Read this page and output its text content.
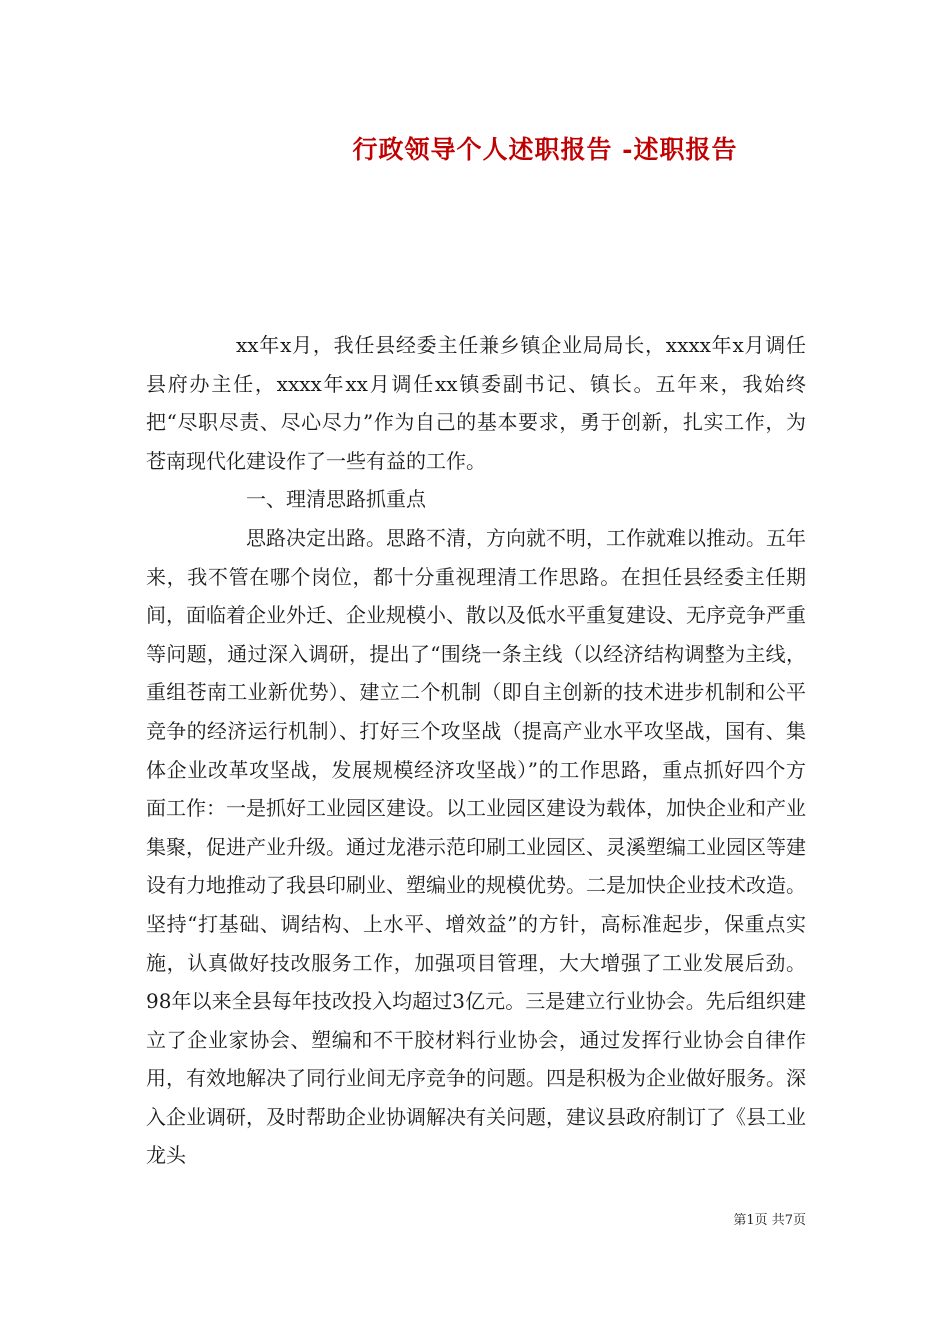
行政领导个人述职报告 -述职报告

xx年x月，我任县经委主任兼乡镇企业局局长，xxxx年x月调任县府办主任，xxxx年xx月调任xx镇委副书记、镇长。五年来，我始终把“尽职尽责、尽心尽力”作为自己的基本要求，勇于创新，扎实工作，为苍南现代化建设作了一些有益的工作。

一、理清思路抓重点

思路决定出路。思路不清，方向就不明，工作就难以推动。五年来，我不管在哪个岗位，都十分重视理清工作思路。在担任县经委主任期间，面临着企业外迁、企业规模小、散以及低水平重复建设、无序竞争严重等问题，通过深入调研，提出了“围绕一条主线（以经济结构调整为主线，重组苍南工业新优势）、建立二个机制（即自主创新的技术进步机制和公平竞争的经济运行机制）、打好三个攻坚战（提高产业水平攻坚战，国有、集体企业改革攻坚战，发展规模经济攻坚战）”的工作思路，重点抓好四个方面工作：一是抓好工业园区建设。以工业园区建设为载体，加快企业和产业集聚，促进产业升级。通过龙港示范印刷工业园区、灵溪塑编工业园区等建设有力地推动了我县印刷业、塑编业的规模优势。二是加快企业技术改造。坚持“打基础、调结构、上水平、增效益”的方针，高标准起步，保重点实施，认真做好技改服务工作，加强项目管理，大大增强了工业发展后劲。98年以来全县每年技改投入均超过3亿元。三是建立行业协会。先后组织建立了企业家协会、塑编和不干胶材料行业协会，通过发挥行业协会自律作用，有效地解决了同行业间无序竞争的问题。四是积极为企业做好服务。深入企业调研，及时帮助企业协调解决有关问题，建议县政府制订了《县工业龙头

第1页 共7页
